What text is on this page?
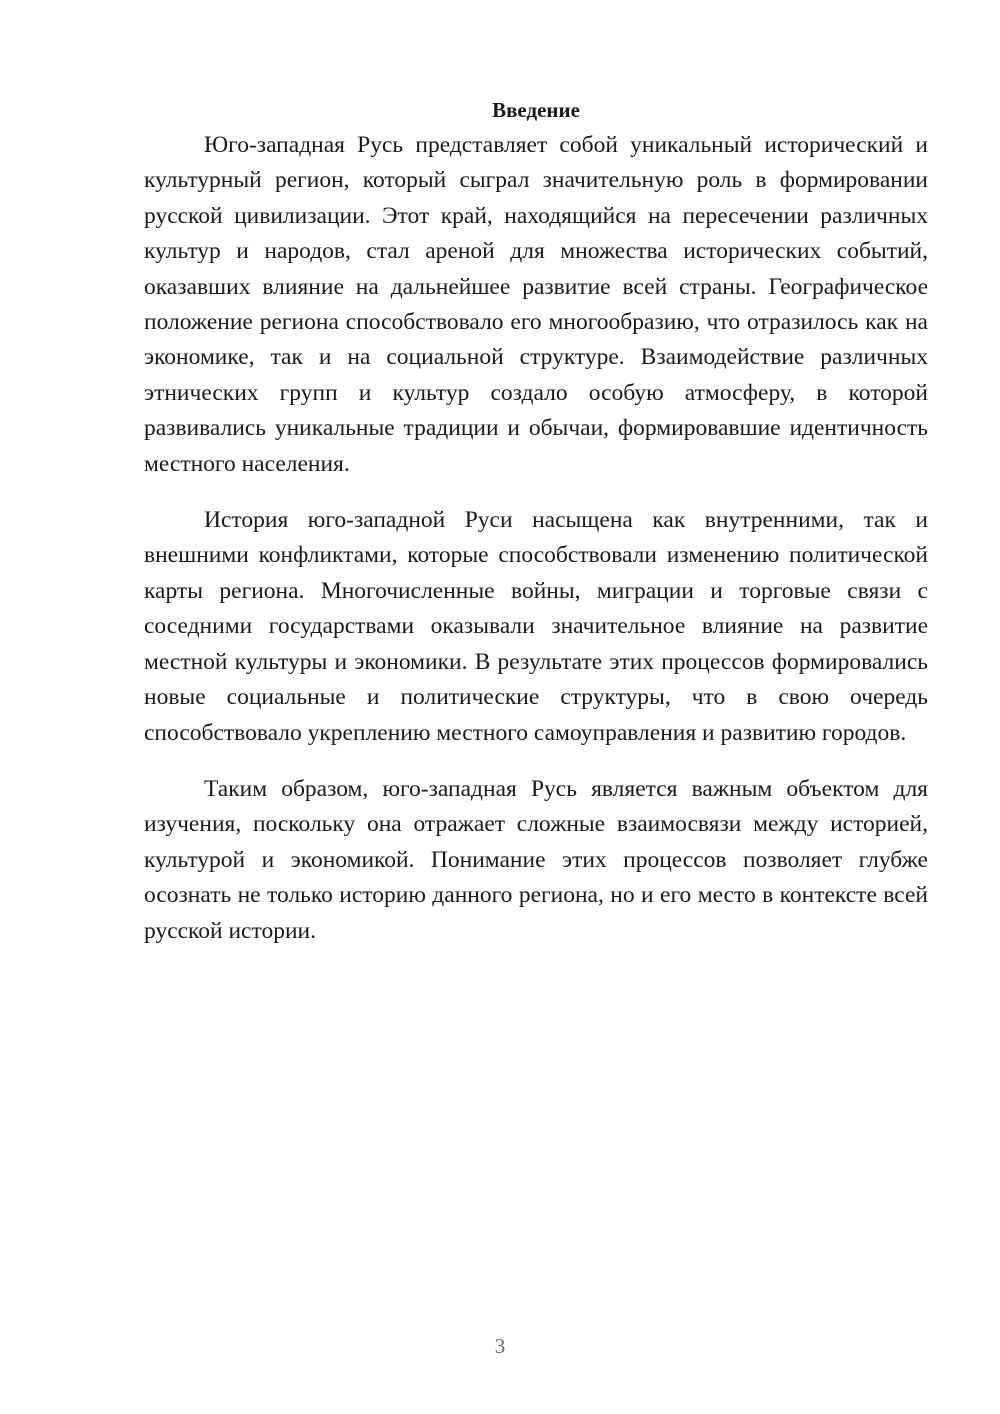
Введение

Юго-западная Русь представляет собой уникальный исторический и культурный регион, который сыграл значительную роль в формировании русской цивилизации. Этот край, находящийся на пересечении различных культур и народов, стал ареной для множества исторических событий, оказавших влияние на дальнейшее развитие всей страны. Географическое положение региона способствовало его многообразию, что отразилось как на экономике, так и на социальной структуре. Взаимодействие различных этнических групп и культур создало особую атмосферу, в которой развивались уникальные традиции и обычаи, формировавшие идентичность местного населения.

История юго-западной Руси насыщена как внутренними, так и внешними конфликтами, которые способствовали изменению политической карты региона. Многочисленные войны, миграции и торговые связи с соседними государствами оказывали значительное влияние на развитие местной культуры и экономики. В результате этих процессов формировались новые социальные и политические структуры, что в свою очередь способствовало укреплению местного самоуправления и развитию городов.

Таким образом, юго-западная Русь является важным объектом для изучения, поскольку она отражает сложные взаимосвязи между историей, культурой и экономикой. Понимание этих процессов позволяет глубже осознать не только историю данного региона, но и его место в контексте всей русской истории.

3
